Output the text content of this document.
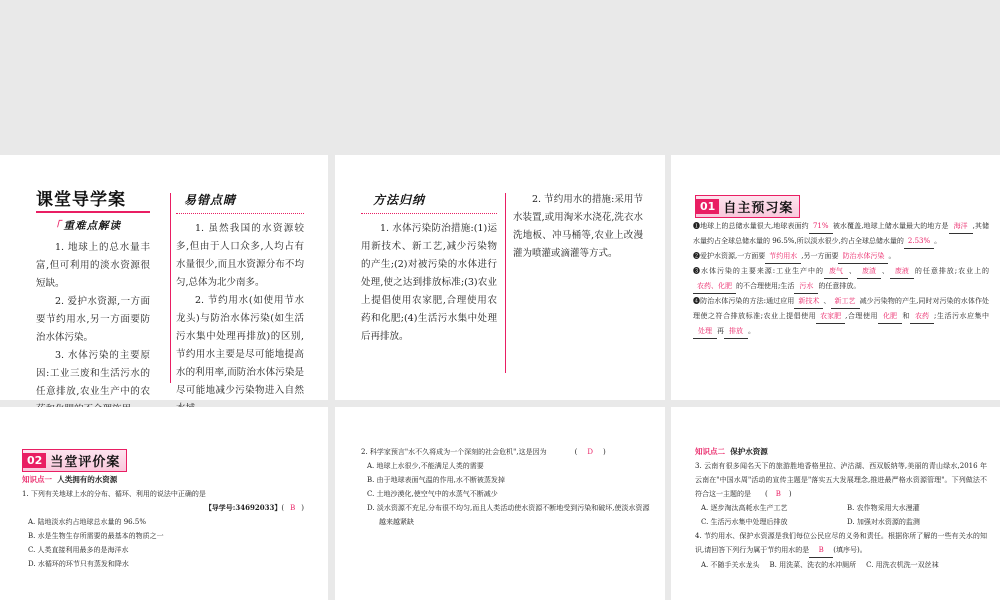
课堂导学案
「 重难点解读

1. 地球上的总水量丰富,但可利用的淡水资源很短缺。

2. 爱护水资源,一方面要节约用水,另一方面要防治水体污染。

3. 水体污染的主要原因:工业三废和生活污水的任意排放,农业生产中的农

易错点睛

1. 虽然我国的水资源较多,但由于人口众多,人均占有水量很少,而且水资源分布不均匀,总体为北少南多。

2. 节约用水(如使用节水龙头)与防治水体污染(如生活污水集中处理再排放)的区别,节约用水主要是尽可能地提高水的利用率,而防治水体污染是尽可能地减少污染物进入自然

方法归纳

1. 水体污染防治措施:(1)运用新技术、新工艺,减少污染物的产生;(2)对被污染的水体进行处理,使之达到排放标准;(3)农业上提倡使用农家肥,合理使用农药和化肥;(4)生活污水集中处理后再排放。

2. 节约用水的措施:采用节水装置,或用淘米水浇花,洗衣水洗地板、冲马桶等,农业上改漫灌为喷灌或滴灌等方式。

01 自主预习案
❶地球上的总储水量很大,地球表面约 71% 被水覆盖,地球上储水量最大的地方是 海洋 ,其储水量约占全球总储水量的 96.5%,所以淡水很少,约占全球总储水量的 2.53% 。
❷爱护水资源,一方面要 节约用水 ,另一方面要 防治水体污染 。
❸水体污染的主要来源:工业生产中的 废气 、 废渣 、 废液 的任意排放;农业上的农药、化肥 的不合理使用;生活 污水 的任意排放。
❹防治水体污染的方法:通过应用 新技术 、 新工艺 减少污染物的产生,同时对污染的水体作处理使之符合排放标准;农业上提倡使用 农家肥 ,合理使用 化肥 和 农药 ;生活污水应集中处理 再 排放 。
02 当堂评价案
知识点一 人类拥有的水资源
1. 下列有关地球上水的分布、循环、利用的说法中正确的是
【导学号:34692033】( B )
A. 陆地淡水约占地球总水量的 96.5%
B. 水是生物生存所需要的最基本的物质之一
C. 人类直接利用最多的是海洋水
D. 水循环的环节只有蒸发和降水
2. 科学家预言"水不久将成为一个深刻的社会危机",这是因为	( D )
A. 地球上水很少,不能满足人类的需要
B. 由于地球表面气温的作用,水不断被蒸发掉
C. 土地沙漠化,使空气中的水蒸气不断减少
D. 淡水资源不充足,分布很不均匀,而且人类活动使水资源不断地受到污染和破坏,使淡水资源越来越紧缺
知识点二 保护水资源
3. 云南有很多闻名天下的旅游胜地香格里拉、泸沽湖、西双版纳等,美丽的青山绿水,2016 年云南在"中国水周"活动的宣传主题是"落实五大发展理念,推进最严格水资源管理"。下列做法不符合这一主题的是 ( B )
A. 逐步淘汰高耗水生产工艺	B. 农作物采用大水漫灌
C. 生活污水集中处理后排放	D. 加强对水资源的监测
4. 节约用水、保护水资源是我们每位公民应尽的义务和责任。根据你所了解的一些有关水的知识,请回答下列行为属于节约用水的是 B (填序号)。
A. 不随手关水龙头 B. 用洗菜、洗衣的水冲厕所 C. 用洗衣机洗一双丝袜
